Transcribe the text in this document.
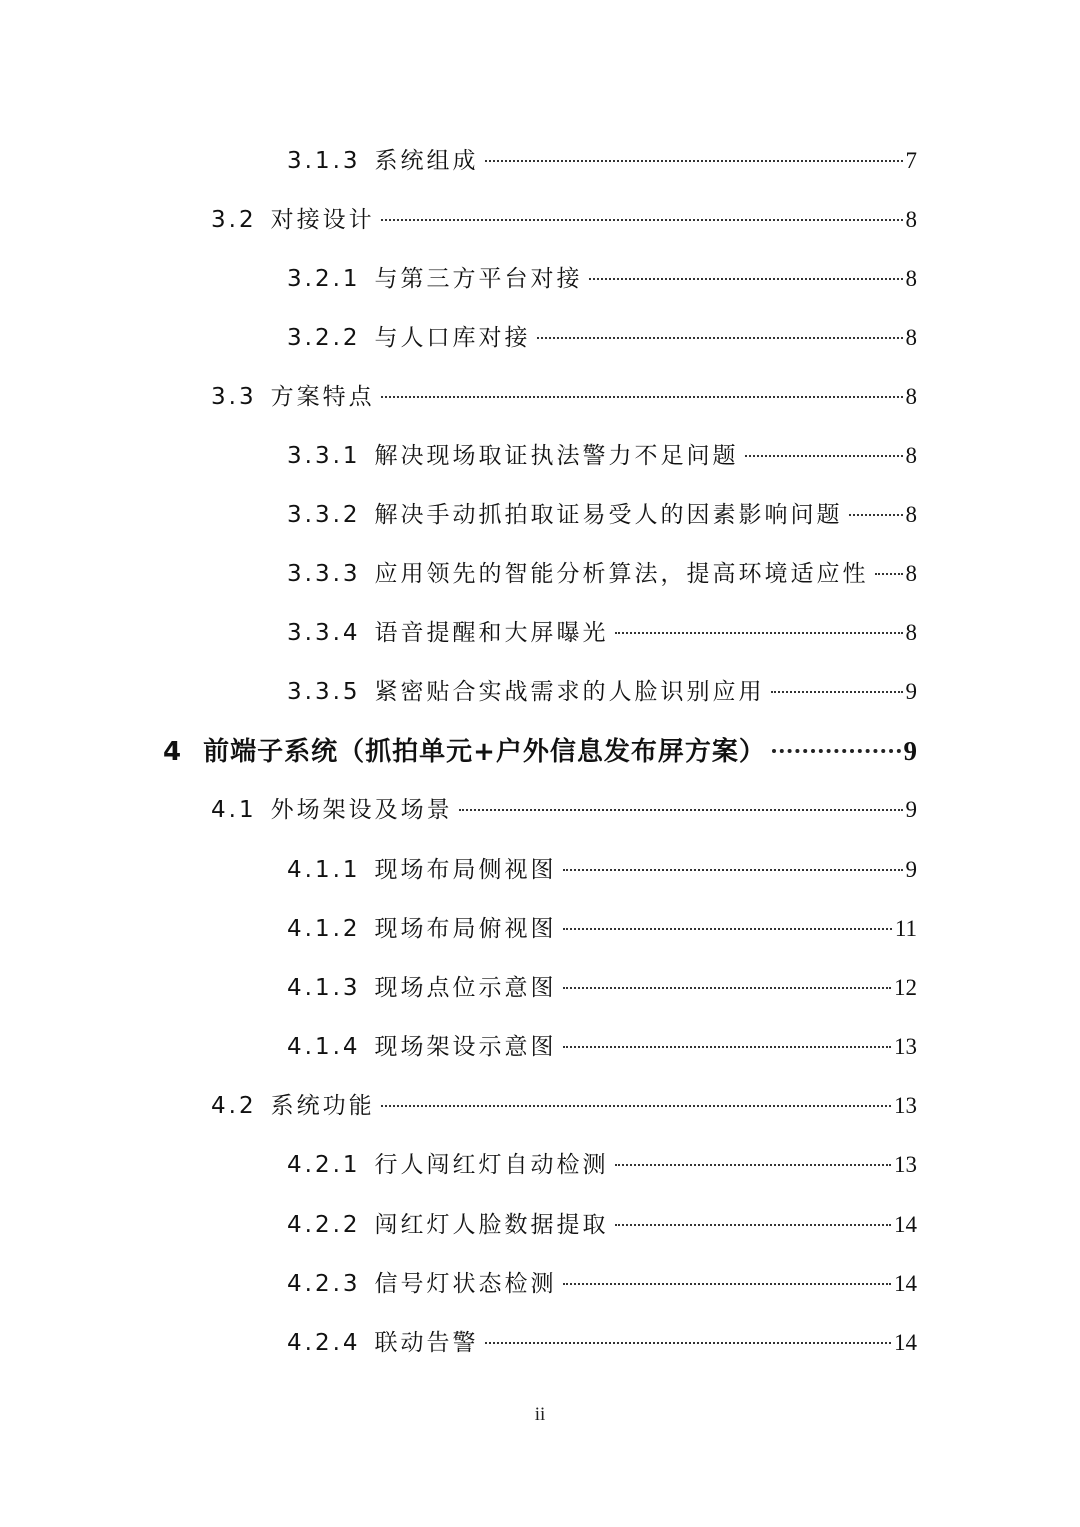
3.1.3 系统组成	7
3.2 对接设计	8
3.2.1 与第三方平台对接	8
3.2.2 与人口库对接	8
3.3 方案特点	8
3.3.1 解决现场取证执法警力不足问题	8
3.3.2 解决手动抓拍取证易受人的因素影响问题	8
3.3.3 应用领先的智能分析算法，提高环境适应性 8
3.3.4 语音提醒和大屏曝光	8
3.3.5 紧密贴合实战需求的人脸识别应用	9
4 前端子系统（抓拍单元+户外信息发布屏方案）	9
4.1 外场架设及场景	9
4.1.1 现场布局侧视图	9
4.1.2 现场布局俯视图	11
4.1.3 现场点位示意图	12
4.1.4 现场架设示意图	13
4.2 系统功能	13
4.2.1 行人闯红灯自动检测	13
4.2.2 闯红灯人脸数据提取	14
4.2.3 信号灯状态检测	14
4.2.4 联动告警	14
ii
